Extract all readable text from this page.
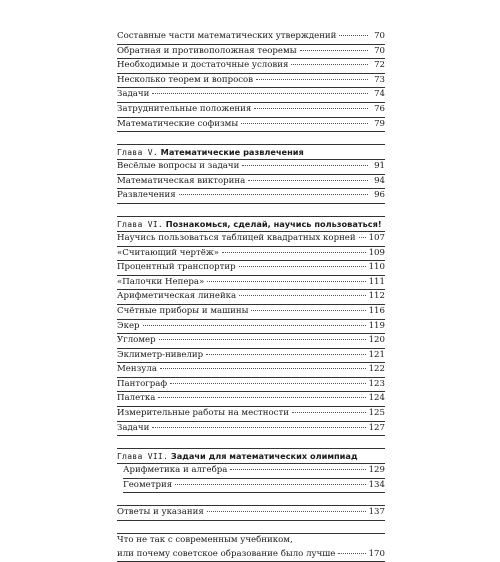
Составные части математических утверждений	70
Обратная и противоположная теоремы	70
Необходимые и достаточные условия	72
Несколько теорем и вопросов	73
Задачи	74
Затруднительные положения	76
Математические софизмы	79
Глава V. Математические развлечения
Весёлые вопросы и задачи	91
Математическая викторина	94
Развлечения	96
Глава VI. Познакомься, сделай, научись пользоваться!
Научись пользоваться таблицей квадратных корней 107
«Считающий чертёж»	109
Процентный транспортир	110
«Палочки Непера»	111
Арифметическая линейка	112
Счётные приборы и машины	116
Экер	119
Угломер	120
Эклиметр-нивелир	121
Мензула	122
Пантограф	123
Палетка	124
Измерительные работы на местности	125
Задачи	127
Глава VII. Задачи для математических олимпиад
Арифметика и алгебра	129
Геометрия	134
Ответы и указания	137
Что не так с современным учебником,
или почему советское образование было лучше	170
